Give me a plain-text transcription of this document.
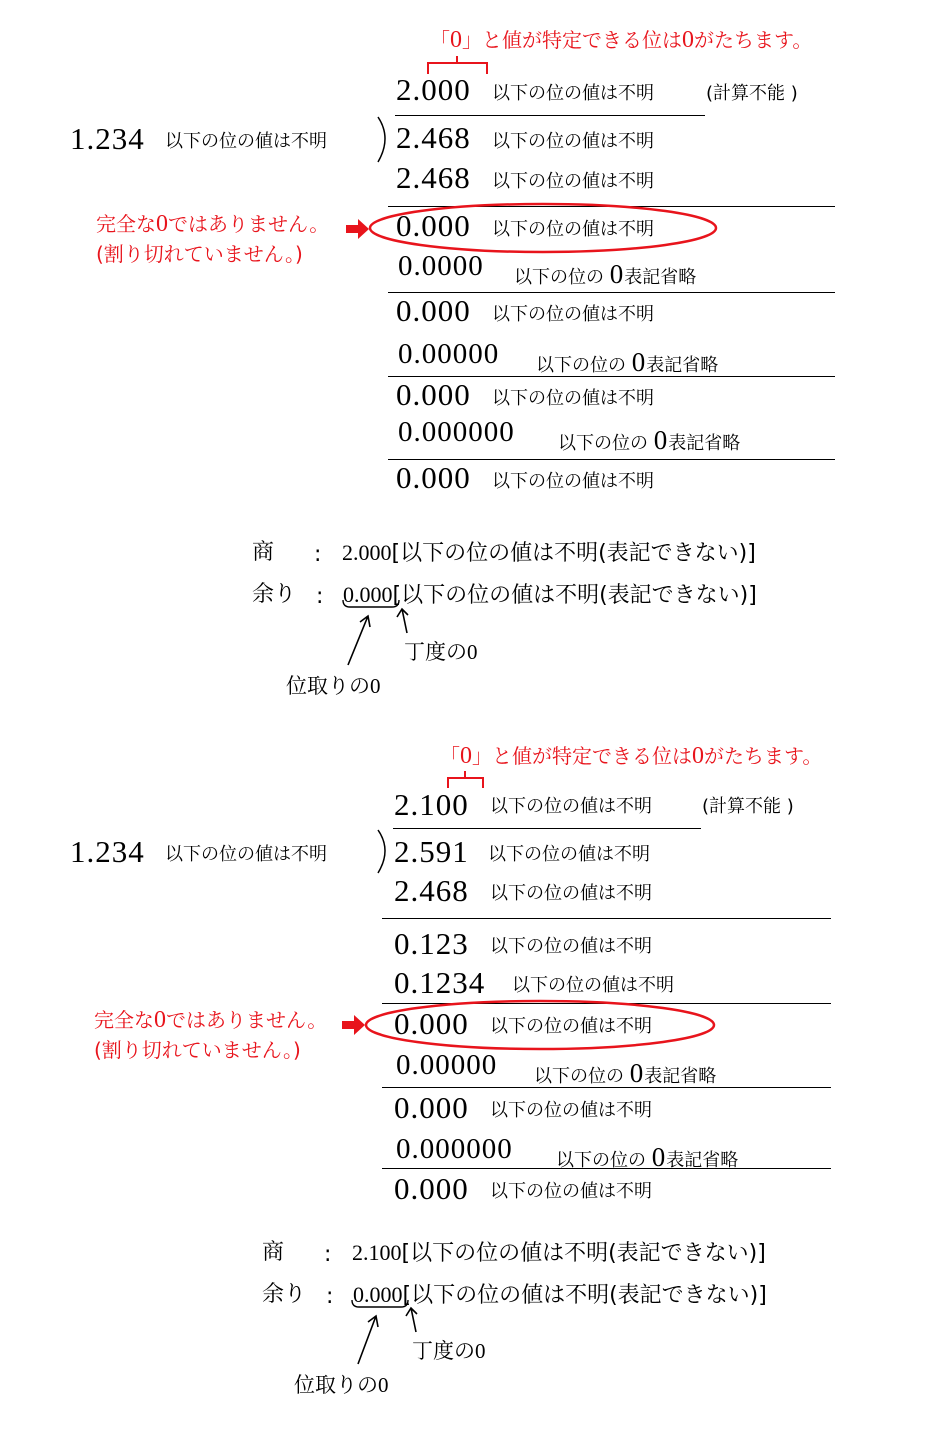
「0」と値が特定できる位は0がたちます。
2.000 以下の位の値は不明	(計算不能 )
1.234 以下の位の値は不明 2.468 以下の位の値は不明
2.468 以下の位の値は不明
0.000 以下の位の値は不明
0.0000 以下の位の 0表記省略
0.000 以下の位の値は不明
0.00000 以下の位の 0表記省略
0.000 以下の位の値は不明
0.000000 以下の位の 0表記省略
0.000 以下の位の値は不明
完全な0ではありません。
(割り切れていません。)
商 : 2.000[以下の位の値は不明(表記できない)]
余り : 0.000[以下の位の値は不明(表記できない)]
丁度の0
位取りの0
「0」と値が特定できる位は0がたちます。
2.100 以下の位の値は不明	(計算不能 )
1.234 以下の位の値は不明 2.591 以下の位の値は不明
2.468 以下の位の値は不明
0.123 以下の位の値は不明
0.1234 以下の位の値は不明
0.000 以下の位の値は不明
0.00000 以下の位の 0表記省略
0.000 以下の位の値は不明
0.000000 以下の位の 0表記省略
0.000 以下の位の値は不明
完全な0ではありません。
(割り切れていません。)
商 : 2.100[以下の位の値は不明(表記できない)]
余り : 0.000[以下の位の値は不明(表記できない)]
丁度の0
位取りの0
